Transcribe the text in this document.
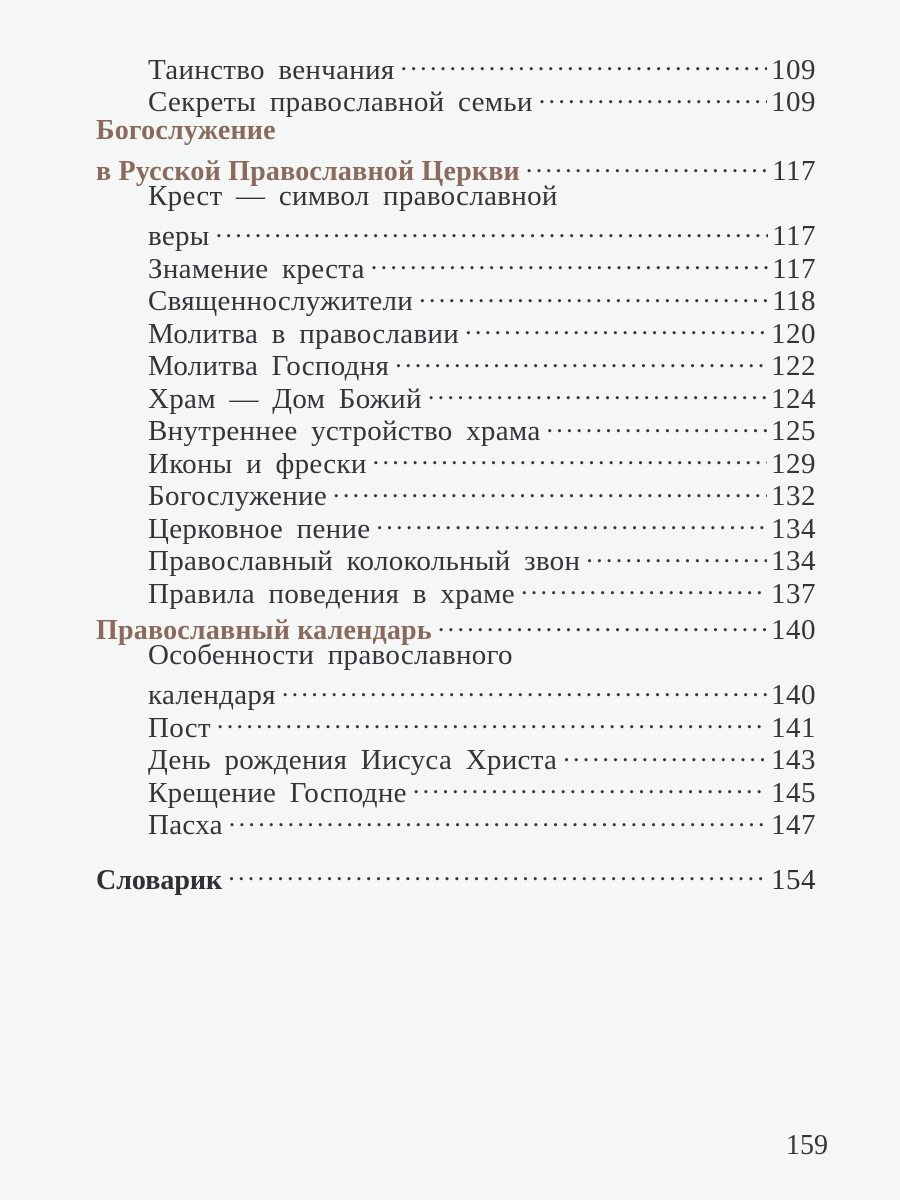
Таинство венчания . . .	109
Секреты православной семьи . . .	109
Богослужение
в Русской Православной Церкви . . .	117
Крест — символ православной
веры . . .	117
Знамение креста . . .	117
Священнослужители . . .	118
Молитва в православии . . .	120
Молитва Господня . . .	122
Храм — Дом Божий . . .	124
Внутреннее устройство храма . . .	125
Иконы и фрески . . .	129
Богослужение . . .	132
Церковное пение . . .	134
Православный колокольный звон . . .	134
Правила поведения в храме . . .	137
Православный календарь . . .	140
Особенности православного
календаря . . .	140
Пост . . .	141
День рождения Иисуса Христа . . .	143
Крещение Господне . . .	145
Пасха . . .	147
Словарик . . .	154
159
